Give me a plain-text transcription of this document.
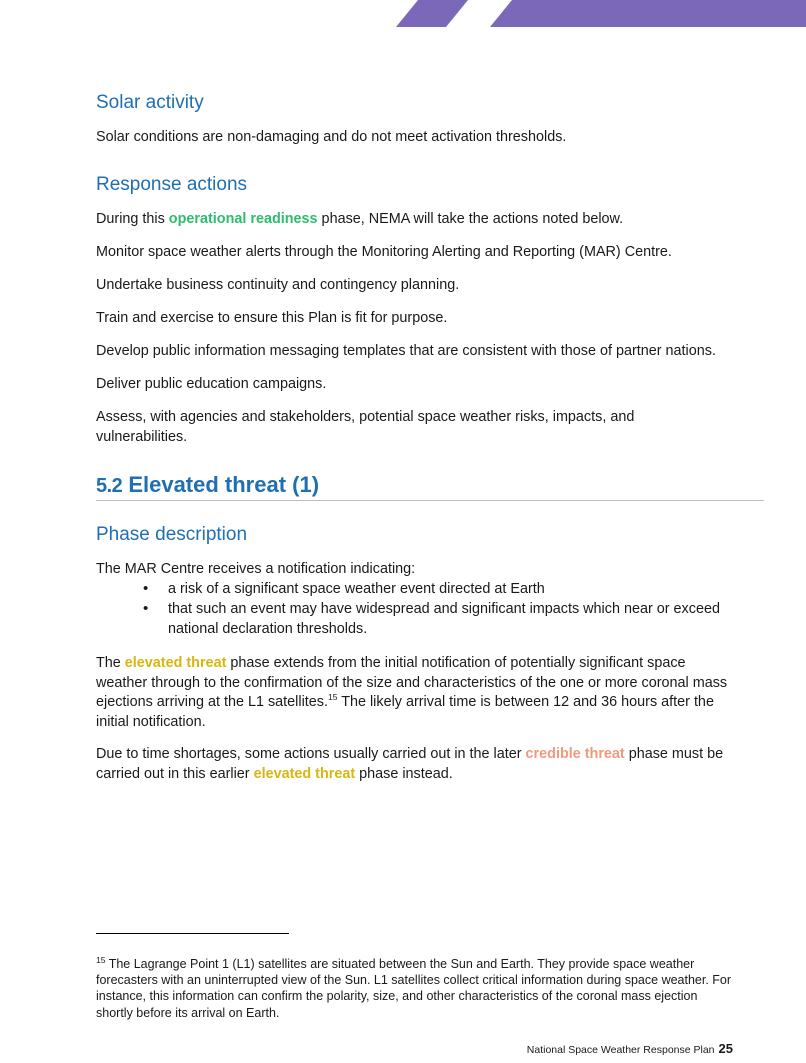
Solar activity

Solar conditions are non-damaging and do not meet activation thresholds.

Response actions

During this operational readiness phase, NEMA will take the actions noted below.

Monitor space weather alerts through the Monitoring Alerting and Reporting (MAR) Centre.

Undertake business continuity and contingency planning.

Train and exercise to ensure this Plan is fit for purpose.

Develop public information messaging templates that are consistent with those of partner nations.

Deliver public education campaigns.

Assess, with agencies and stakeholders, potential space weather risks, impacts, and vulnerabilities.

5.2 Elevated threat (1)
Phase description

The MAR Centre receives a notification indicating:

• a risk of a significant space weather event directed at Earth
• that such an event may have widespread and significant impacts which near or exceed national declaration thresholds.

The elevated threat phase extends from the initial notification of potentially significant space weather through to the confirmation of the size and characteristics of the one or more coronal mass ejections arriving at the L1 satellites.$^{15}$ The likely arrival time is between 12 and 36 hours after the initial notification.

Due to time shortages, some actions usually carried out in the later credible threat phase must be carried out in this earlier elevated threat phase instead.

$^{15}$ The Lagrange Point 1 (L1) satellites are situated between the Sun and Earth. They provide space weather forecasters with an uninterrupted view of the Sun. L1 satellites collect critical information during space weather. For instance, this information can confirm the polarity, size, and other characteristics of the coronal mass ejection shortly before its arrival on Earth.
National Space Weather Response Plan 25
